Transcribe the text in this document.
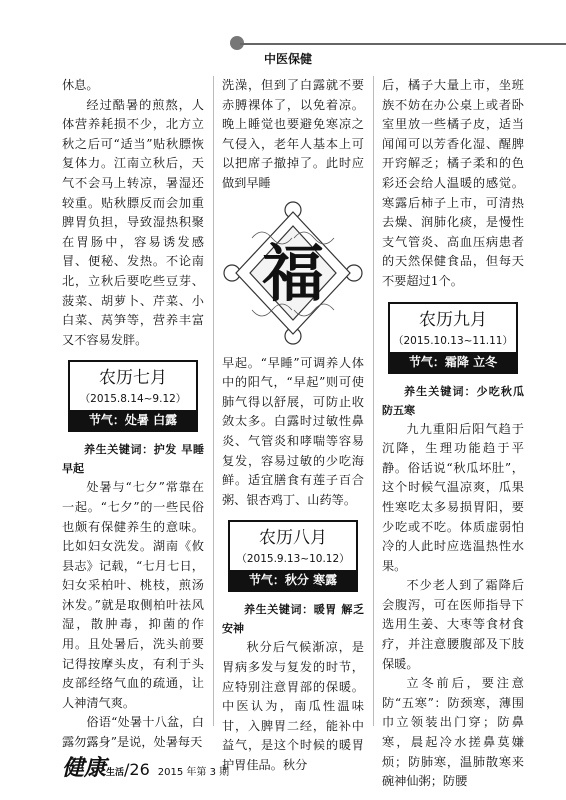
中医保健

休息。

经过酷暑的煎熬，人体营养耗损不少，北方立秋之后可“适当”贴秋膘恢复体力。江南立秋后，天气不会马上转凉，暑湿还较重。贴秋膘反而会加重脾胃负担，导致湿热积聚在胃肠中，容易诱发感冒、便秘、发热。不论南北，立秋后要吃些豆芽、菠菜、胡萝卜、芹菜、小白菜、莴笋等，营养丰富又不容易发胖。

农历七月
（2015.8.14~9.12）
节气：处暑 白露

养生关键词：护发 早睡早起

处暑与“七夕”常靠在一起。“七夕”的一些民俗也颇有保健养生的意味。比如妇女洗发。湖南《攸县志》记载，“七月七日，妇女采柏叶、桃枝，煎汤沐发。”就是取侧柏叶祛风湿，散肿毒，抑菌的作用。且处暑后，洗头前要记得按摩头皮，有利于头皮部经络气血的疏通，让人神清气爽。

俗语“处暑十八盆，白露勿露身”是说，处暑每天

洗澡，但到了白露就不要赤膊裸体了，以免着凉。晚上睡觉也要避免寒凉之气侵入，老年人基本上可以把席子撤掉了。此时应做到早睡

福

早起。“早睡”可调养人体中的阳气，“早起”则可使肺气得以舒展，可防止收敛太多。白露时过敏性鼻炎、气管炎和哮喘等容易复发，容易过敏的少吃海鲜。适宜膳食有莲子百合粥、银杏鸡丁、山药等。

农历八月
（2015.9.13~10.12）
节气：秋分 寒露

养生关键词：暖胃 解乏安神

秋分后气候渐凉，是胃病多发与复发的时节，应特别注意胃部的保暖。中医认为，南瓜性温味甘，入脾胃二经，能补中益气，是这个时候的暖胃护胃佳品。秋分

后，橘子大量上市，坐班族不妨在办公桌上或者卧室里放一些橘子皮，适当闻闻可以芳香化湿、醒脾开窍解乏；橘子柔和的色彩还会给人温暖的感觉。寒露后柿子上市，可清热去燥、润肺化痰，是慢性支气管炎、高血压病患者的天然保健食品，但每天不要超过1个。

农历九月
（2015.10.13~11.11）
节气：霜降 立冬

养生关键词：少吃秋瓜 防五寒

九九重阳后阳气趋于沉降，生理功能趋于平静。俗话说“秋瓜坏肚”，这个时候气温凉爽，瓜果性寒吃太多易损胃阳，要少吃或不吃。体质虚弱怕冷的人此时应选温热性水果。

不少老人到了霜降后会腹泻，可在医师指导下选用生姜、大枣等食材食疗，并注意腰腹部及下肢保暖。

立冬前后，要注意防“五寒”：防颈寒，薄围巾立领装出门穿；防鼻寒，晨起冷水搓鼻莫嫌烦；防肺寒，温肺散寒来碗神仙粥；防腰

健康生活/26 2015 年第 3 期
